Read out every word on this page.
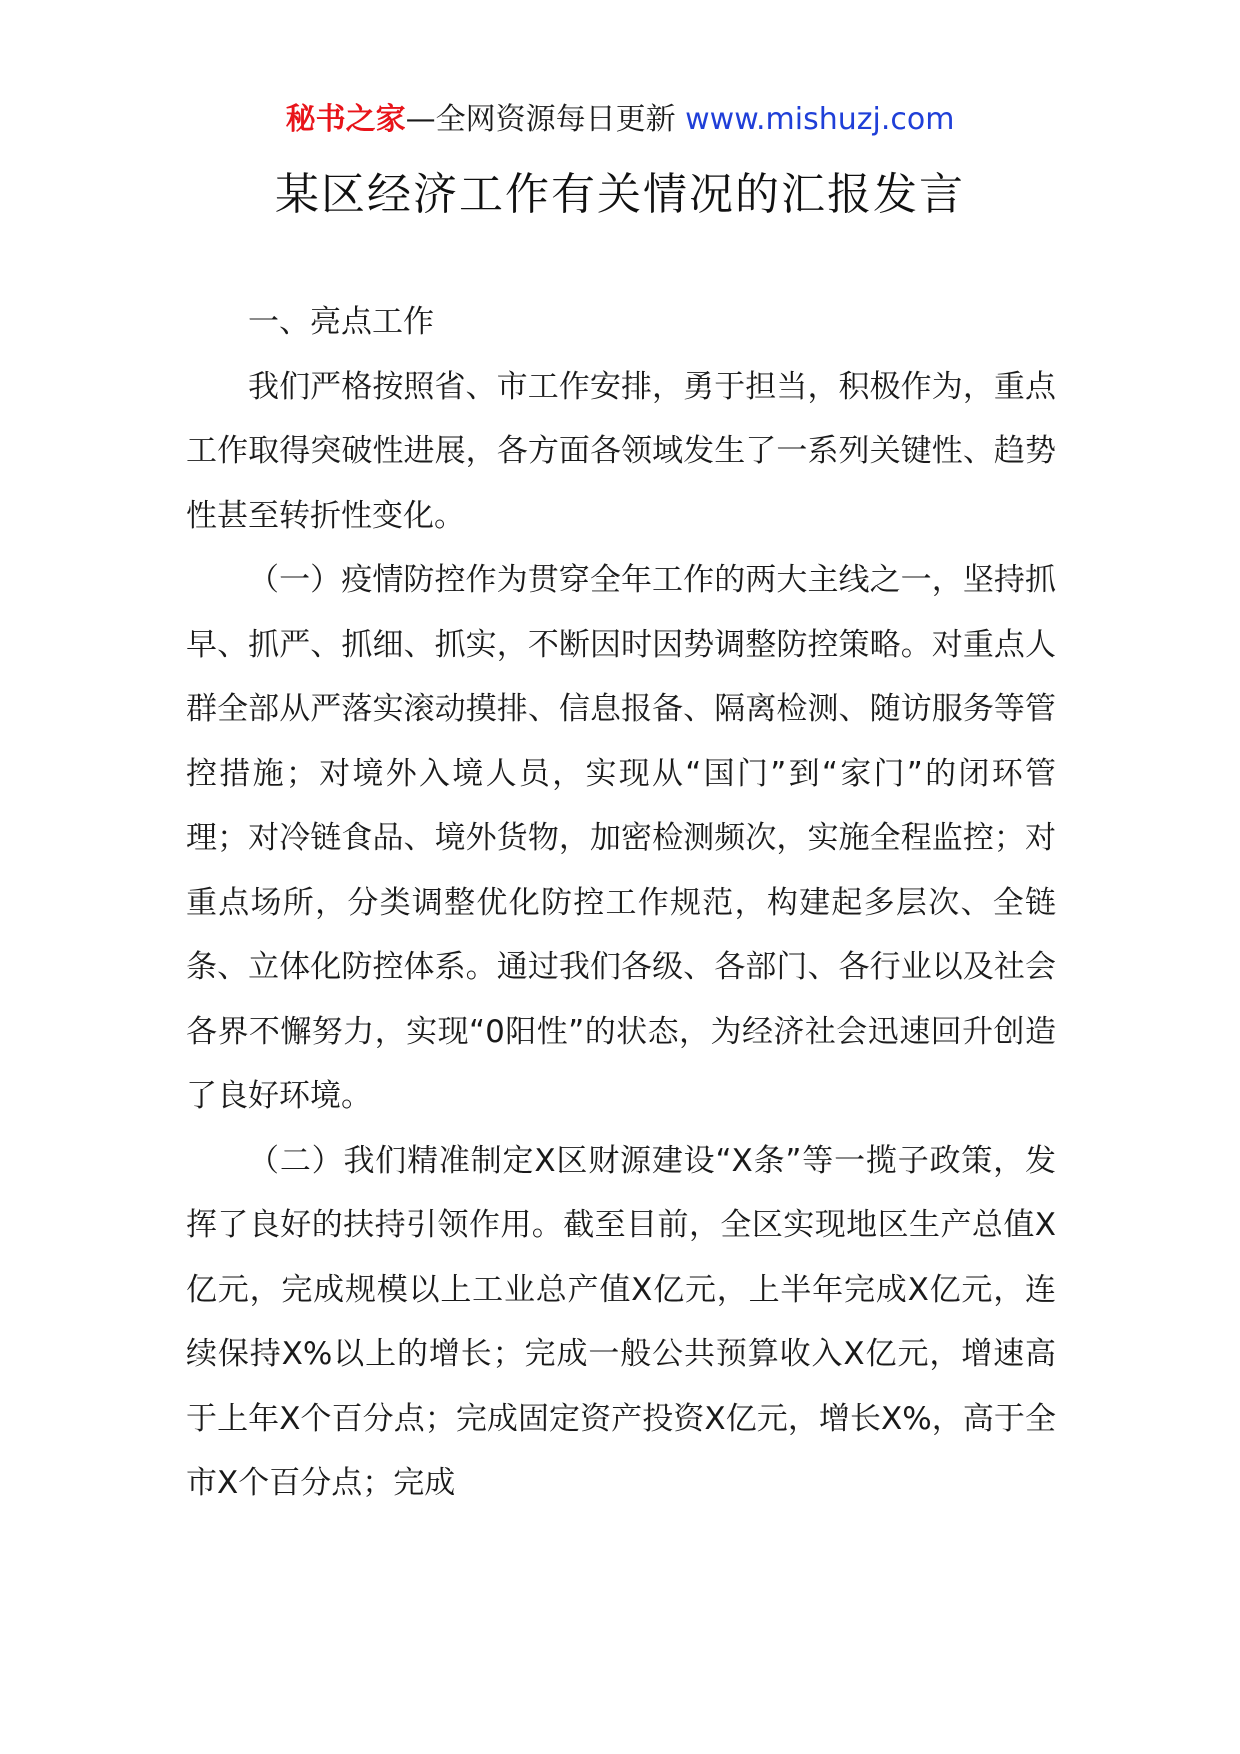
秘书之家—全网资源每日更新 www.mishuzj.com
某区经济工作有关情况的汇报发言

一、亮点工作

我们严格按照省、市工作安排，勇于担当，积极作为，重点工作取得突破性进展，各方面各领域发生了一系列关键性、趋势性甚至转折性变化。

（一）疫情防控作为贯穿全年工作的两大主线之一，坚持抓早、抓严、抓细、抓实，不断因时因势调整防控策略。对重点人群全部从严落实滚动摸排、信息报备、隔离检测、随访服务等管控措施；对境外入境人员，实现从“国门”到“家门”的闭环管理；对冷链食品、境外货物，加密检测频次，实施全程监控；对重点场所，分类调整优化防控工作规范，构建起多层次、全链条、立体化防控体系。通过我们各级、各部门、各行业以及社会各界不懈努力，实现“0阳性”的状态，为经济社会迅速回升创造了良好环境。

（二）我们精准制定X区财源建设“X条”等一揽子政策，发挥了良好的扶持引领作用。截至目前，全区实现地区生产总值X亿元，完成规模以上工业总产值X亿元，上半年完成X亿元，连续保持X%以上的增长；完成一般公共预算收入X亿元，增速高于上年X个百分点；完成固定资产投资X亿元，增长X%，高于全市X个百分点；完成
